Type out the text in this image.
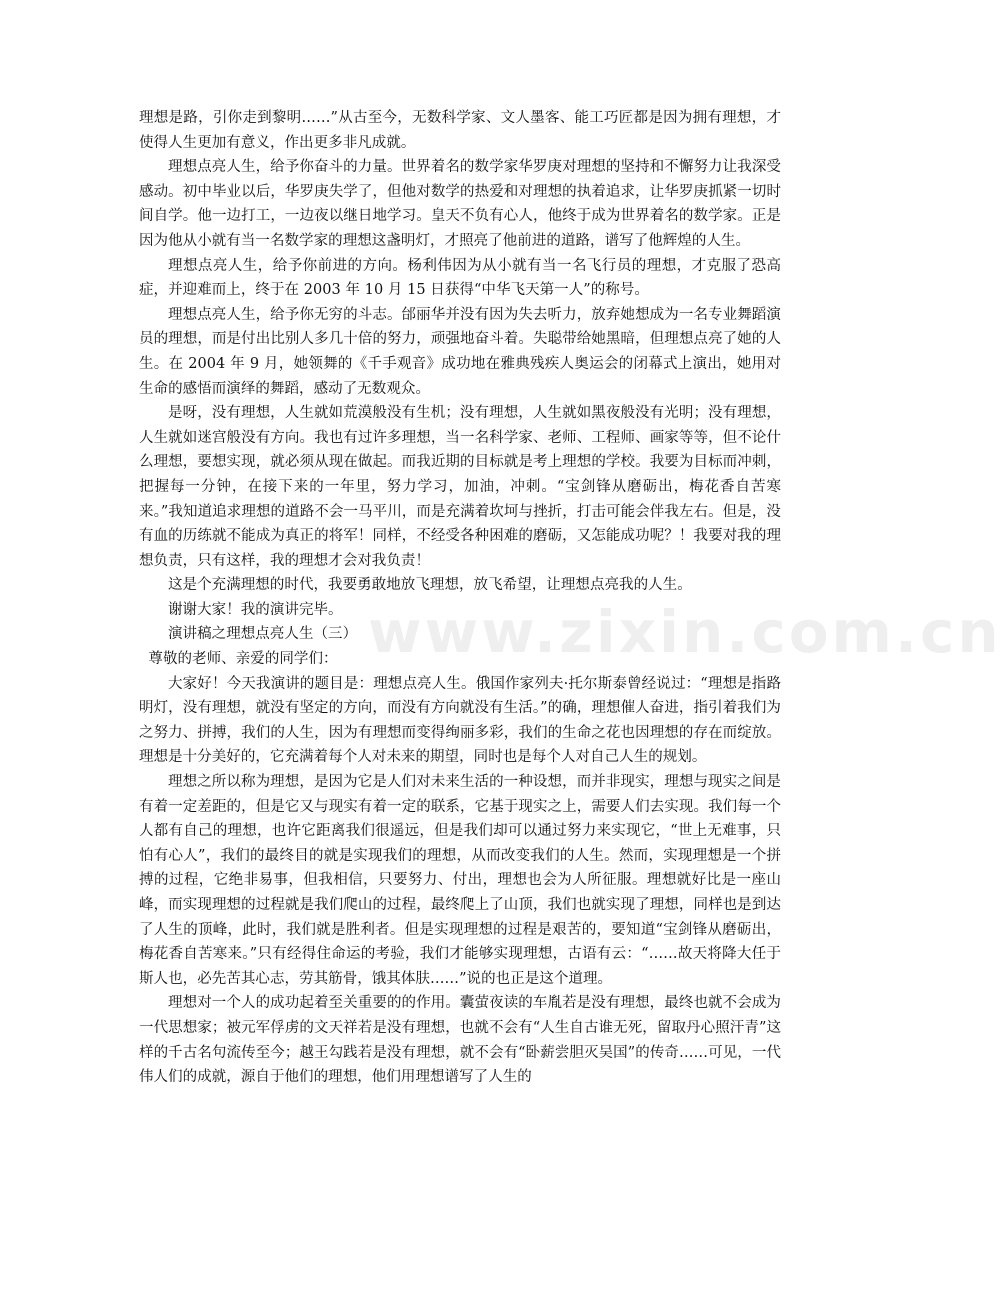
www.zixin.com.cn

理想是路，引你走到黎明……”从古至今，无数科学家、文人墨客、能工巧匠都是因为拥有理想，才使得人生更加有意义，作出更多非凡成就。

理想点亮人生，给予你奋斗的力量。世界着名的数学家华罗庚对理想的坚持和不懈努力让我深受感动。初中毕业以后，华罗庚失学了，但他对数学的热爱和对理想的执着追求，让华罗庚抓紧一切时间自学。他一边打工，一边夜以继日地学习。皇天不负有心人，他终于成为世界着名的数学家。正是因为他从小就有当一名数学家的理想这盏明灯，才照亮了他前进的道路，谱写了他辉煌的人生。

理想点亮人生，给予你前进的方向。杨利伟因为从小就有当一名飞行员的理想，才克服了恐高症，并迎难而上，终于在 2003 年 10 月 15 日获得“中华飞天第一人”的称号。

理想点亮人生，给予你无穷的斗志。邰丽华并没有因为失去听力，放弃她想成为一名专业舞蹈演员的理想，而是付出比别人多几十倍的努力，顽强地奋斗着。失聪带给她黑暗，但理想点亮了她的人生。在 2004 年 9 月，她领舞的《千手观音》成功地在雅典残疾人奥运会的闭幕式上演出，她用对生命的感悟而演绎的舞蹈，感动了无数观众。

是呀，没有理想，人生就如荒漠般没有生机；没有理想，人生就如黑夜般没有光明；没有理想，人生就如迷宫般没有方向。我也有过许多理想，当一名科学家、老师、工程师、画家等等，但不论什么理想，要想实现，就必须从现在做起。而我近期的目标就是考上理想的学校。我要为目标而冲刺，把握每一分钟，在接下来的一年里，努力学习，加油，冲刺。“宝剑锋从磨砺出，梅花香自苦寒来。”我知道追求理想的道路不会一马平川，而是充满着坎坷与挫折，打击可能会伴我左右。但是，没有血的历练就不能成为真正的将军！同样，不经受各种困难的磨砺，又怎能成功呢？！我要对我的理想负责，只有这样，我的理想才会对我负责！

这是个充满理想的时代，我要勇敢地放飞理想，放飞希望，让理想点亮我的人生。

谢谢大家！我的演讲完毕。

演讲稿之理想点亮人生（三）

尊敬的老师、亲爱的同学们：

大家好！今天我演讲的题目是：理想点亮人生。俄国作家列夫·托尔斯泰曾经说过：“理想是指路明灯，没有理想，就没有坚定的方向，而没有方向就没有生活。”的确，理想催人奋进，指引着我们为之努力、拼搏，我们的人生，因为有理想而变得绚丽多彩，我们的生命之花也因理想的存在而绽放。理想是十分美好的，它充满着每个人对未来的期望，同时也是每个人对自己人生的规划。

理想之所以称为理想，是因为它是人们对未来生活的一种设想，而并非现实，理想与现实之间是有着一定差距的，但是它又与现实有着一定的联系，它基于现实之上，需要人们去实现。我们每一个人都有自己的理想，也许它距离我们很遥远，但是我们却可以通过努力来实现它，“世上无难事，只怕有心人”，我们的最终目的就是实现我们的理想，从而改变我们的人生。然而，实现理想是一个拼搏的过程，它绝非易事，但我相信，只要努力、付出，理想也会为人所征服。理想就好比是一座山峰，而实现理想的过程就是我们爬山的过程，最终爬上了山顶，我们也就实现了理想，同样也是到达了人生的顶峰，此时，我们就是胜利者。但是实现理想的过程是艰苦的，要知道“宝剑锋从磨砺出，梅花香自苦寒来。”只有经得住命运的考验，我们才能够实现理想，古语有云：“……故天将降大任于斯人也，必先苦其心志，劳其筋骨，饿其体肤……”说的也正是这个道理。

理想对一个人的成功起着至关重要的的作用。囊萤夜读的车胤若是没有理想，最终也就不会成为一代思想家；被元军俘虏的文天祥若是没有理想，也就不会有“人生自古谁无死，留取丹心照汗青”这样的千古名句流传至今；越王勾践若是没有理想，就不会有“卧薪尝胆灭吴国”的传奇……可见，一代伟人们的成就，源自于他们的理想，他们用理想谱写了人生的
